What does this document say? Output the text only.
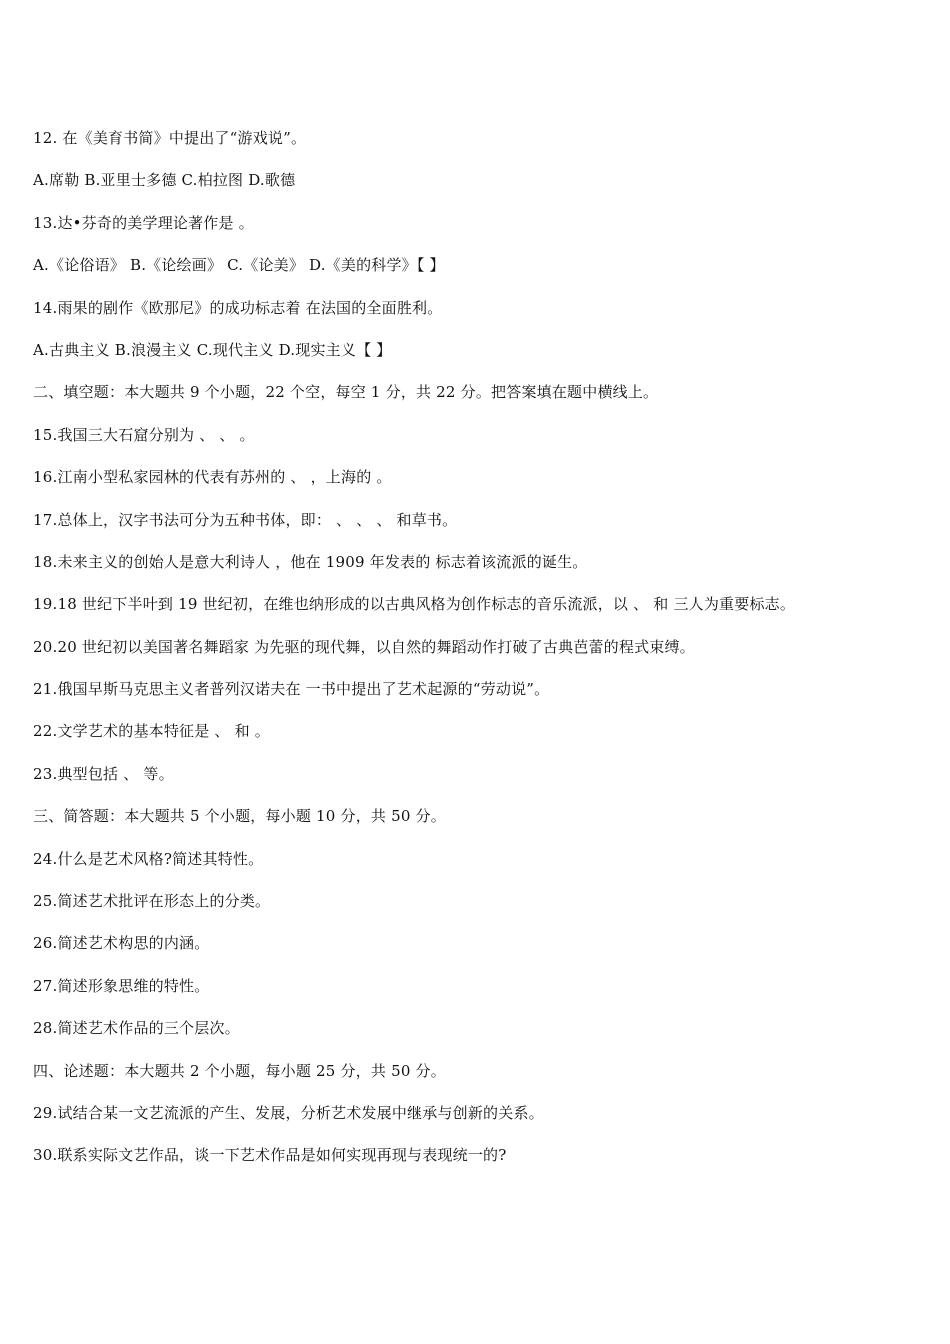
12. 在《美育书简》中提出了“游戏说”。
A.席勒 B.亚里士多德 C.柏拉图 D.歌德
13.达•芬奇的美学理论著作是 。
A.《论俗语》 B.《论绘画》 C.《论美》 D.《美的科学》【 】
14.雨果的剧作《欧那尼》的成功标志着 在法国的全面胜利。
A.古典主义 B.浪漫主义 C.现代主义 D.现实主义【 】
二、填空题：本大题共 9 个小题，22 个空，每空 1 分，共 22 分。把答案填在题中横线上。
15.我国三大石窟分别为 、 、 。
16.江南小型私家园林的代表有苏州的 、 ，上海的 。
17.总体上，汉字书法可分为五种书体，即： 、 、 、 和草书。
18.未来主义的创始人是意大利诗人 ，他在 1909 年发表的 标志着该流派的诞生。
19.18 世纪下半叶到 19 世纪初，在维也纳形成的以古典风格为创作标志的音乐流派，以 、 和 三人为重要标志。
20.20 世纪初以美国著名舞蹈家 为先驱的现代舞，以自然的舞蹈动作打破了古典芭蕾的程式束缚。
21.俄国早斯马克思主义者普列汉诺夫在 一书中提出了艺术起源的“劳动说”。
22.文学艺术的基本特征是 、 和 。
23.典型包括 、 等。
三、简答题：本大题共 5 个小题，每小题 10 分，共 50 分。
24.什么是艺术风格?简述其特性。
25.简述艺术批评在形态上的分类。
26.简述艺术构思的内涵。
27.简述形象思维的特性。
28.简述艺术作品的三个层次。
四、论述题：本大题共 2 个小题，每小题 25 分，共 50 分。
29.试结合某一文艺流派的产生、发展，分析艺术发展中继承与创新的关系。
30.联系实际文艺作品，谈一下艺术作品是如何实现再现与表现统一的?
